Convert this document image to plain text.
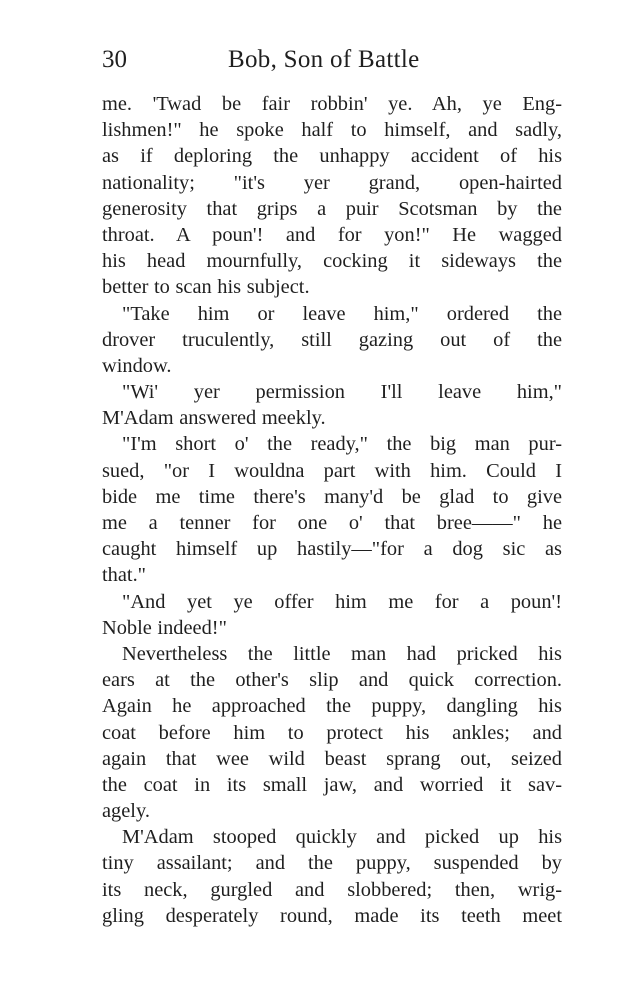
30	Bob, Son of Battle
me. 'Twad be fair robbin' ye. Ah, ye Eng-
lishmen!" he spoke half to himself, and sadly,
as if deploring the unhappy accident of his
nationality; "it's yer grand, open-hairted
generosity that grips a puir Scotsman by the
throat. A poun'! and for yon!" He wagged
his head mournfully, cocking it sideways the
better to scan his subject.
"Take him or leave him," ordered the
drover truculently, still gazing out of the
window.
"Wi' yer permission I'll leave him,"
M'Adam answered meekly.
"I'm short o' the ready," the big man pur-
sued, "or I wouldna part with him. Could I
bide me time there's many'd be glad to give
me a tenner for one o' that bree——" he
caught himself up hastily—"for a dog sic as
that."
"And yet ye offer him me for a poun'!
Noble indeed!"
Nevertheless the little man had pricked his
ears at the other's slip and quick correction.
Again he approached the puppy, dangling his
coat before him to protect his ankles; and
again that wee wild beast sprang out, seized
the coat in its small jaw, and worried it sav-
agely.
M'Adam stooped quickly and picked up his
tiny assailant; and the puppy, suspended by
its neck, gurgled and slobbered; then, wrig-
gling desperately round, made its teeth meet
